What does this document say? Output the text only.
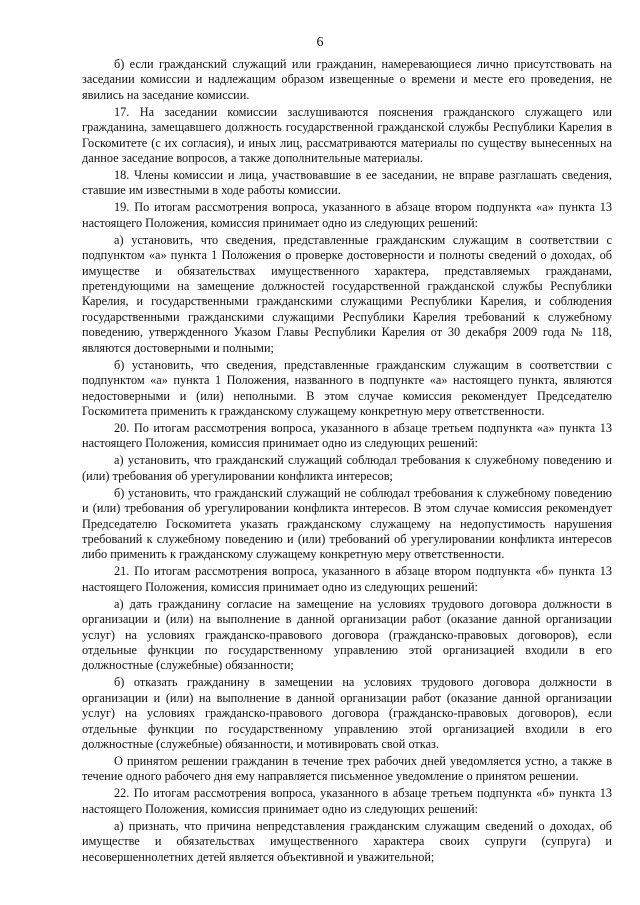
6

б) если гражданский служащий или гражданин, намеревающиеся лично присутствовать на заседании комиссии и надлежащим образом извещенные о времени и месте его проведения, не явились на заседание комиссии.

17. На заседании комиссии заслушиваются пояснения гражданского служащего или гражданина, замещавшего должность государственной гражданской службы Республики Карелия в Госкомитете (с их согласия), и иных лиц, рассматриваются материалы по существу вынесенных на данное заседание вопросов, а также дополнительные материалы.

18. Члены комиссии и лица, участвовавшие в ее заседании, не вправе разглашать сведения, ставшие им известными в ходе работы комиссии.

19. По итогам рассмотрения вопроса, указанного в абзаце втором подпункта «а» пункта 13 настоящего Положения, комиссия принимает одно из следующих решений:

а) установить, что сведения, представленные гражданским служащим в соответствии с подпунктом «а» пункта 1 Положения о проверке достоверности и полноты сведений о доходах, об имуществе и обязательствах имущественного характера, представляемых гражданами, претендующими на замещение должностей государственной гражданской службы Республики Карелия, и государственными гражданскими служащими Республики Карелия, и соблюдения государственными гражданскими служащими Республики Карелия требований к служебному поведению, утвержденного Указом Главы Республики Карелия от 30 декабря 2009 года № 118, являются достоверными и полными;

б) установить, что сведения, представленные гражданским служащим в соответствии с подпунктом «а» пункта 1 Положения, названного в подпункте «а» настоящего пункта, являются недостоверными и (или) неполными. В этом случае комиссия рекомендует Председателю Госкомитета применить к гражданскому служащему конкретную меру ответственности.

20. По итогам рассмотрения вопроса, указанного в абзаце третьем подпункта «а» пункта 13 настоящего Положения, комиссия принимает одно из следующих решений:

а) установить, что гражданский служащий соблюдал требования к служебному поведению и (или) требования об урегулировании конфликта интересов;

б) установить, что гражданский служащий не соблюдал требования к служебному поведению и (или) требования об урегулировании конфликта интересов. В этом случае комиссия рекомендует Председателю Госкомитета указать гражданскому служащему на недопустимость нарушения требований к служебному поведению и (или) требований об урегулировании конфликта интересов либо применить к гражданскому служащему конкретную меру ответственности.

21. По итогам рассмотрения вопроса, указанного в абзаце втором подпункта «б» пункта 13 настоящего Положения, комиссия принимает одно из следующих решений:

а) дать гражданину согласие на замещение на условиях трудового договора должности в организации и (или) на выполнение в данной организации работ (оказание данной организации услуг) на условиях гражданско-правового договора (гражданско-правовых договоров), если отдельные функции по государственному управлению этой организацией входили в его должностные (служебные) обязанности;

б) отказать гражданину в замещении на условиях трудового договора должности в организации и (или) на выполнение в данной организации работ (оказание данной организации услуг) на условиях гражданско-правового договора (гражданско-правовых договоров), если отдельные функции по государственному управлению этой организацией входили в его должностные (служебные) обязанности, и мотивировать свой отказ.

О принятом решении гражданин в течение трех рабочих дней уведомляется устно, а также в течение одного рабочего дня ему направляется письменное уведомление о принятом решении.

22. По итогам рассмотрения вопроса, указанного в абзаце третьем подпункта «б» пункта 13 настоящего Положения, комиссия принимает одно из следующих решений:

а) признать, что причина непредставления гражданским служащим сведений о доходах, об имуществе и обязательствах имущественного характера своих супруги (супруга) и несовершеннолетних детей является объективной и уважительной;
